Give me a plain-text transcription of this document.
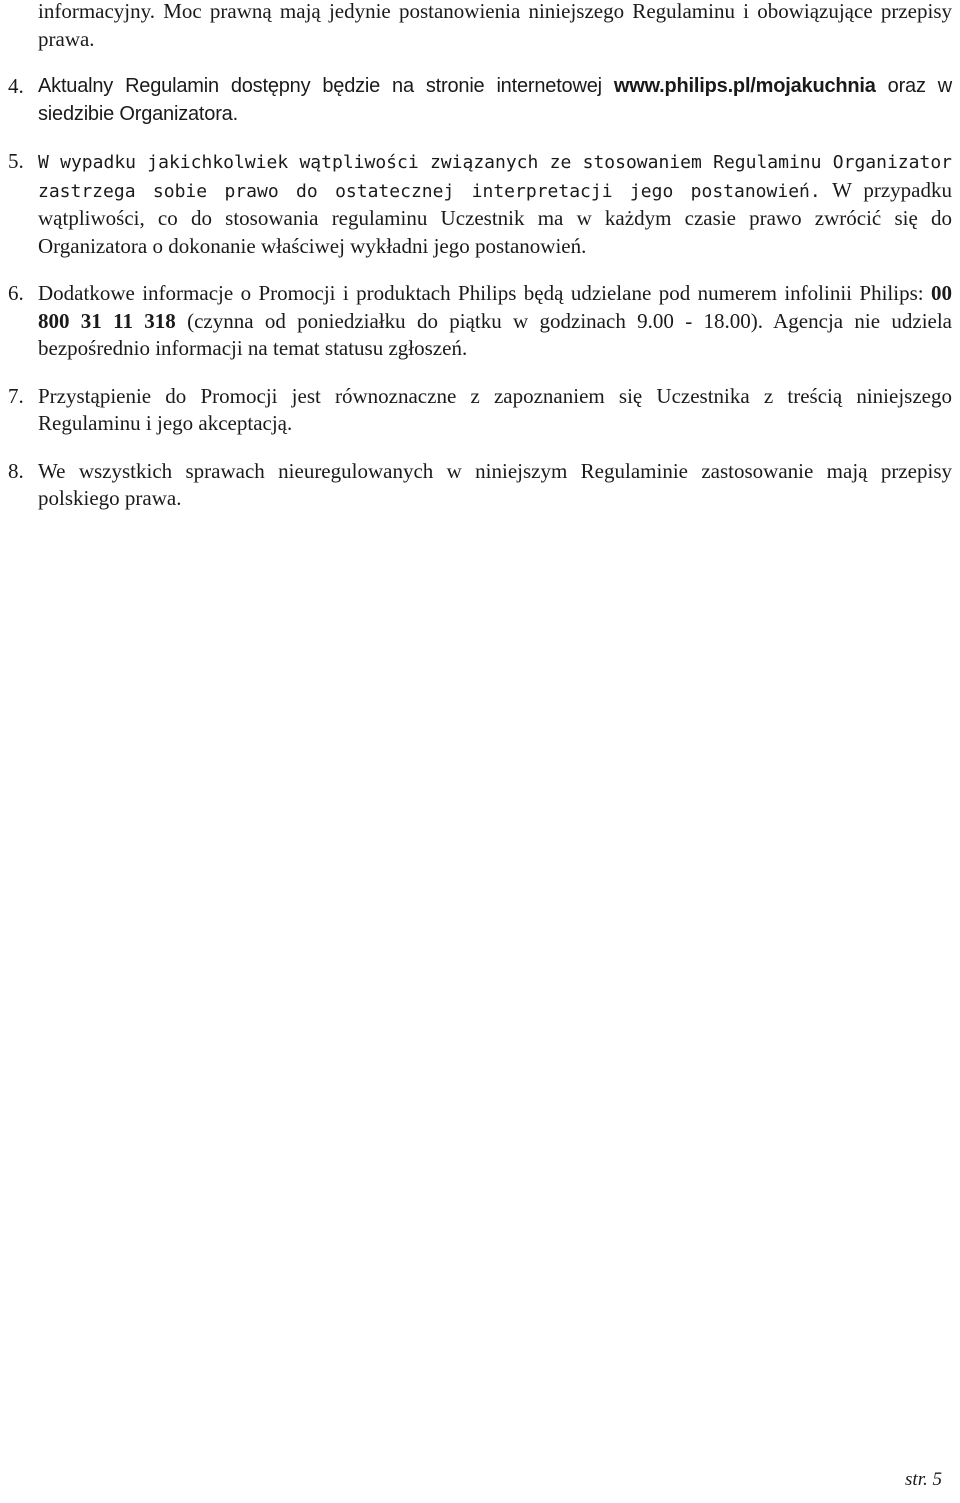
informacyjny. Moc prawną mają jedynie postanowienia niniejszego Regulaminu i obowiązujące przepisy prawa.
4. Aktualny Regulamin dostępny będzie na stronie internetowej www.philips.pl/mojakuchnia oraz w siedzibie Organizatora.
5. W wypadku jakichkolwiek wątpliwości związanych ze stosowaniem Regulaminu Organizator zastrzega sobie prawo do ostatecznej interpretacji jego postanowień. W przypadku wątpliwości, co do stosowania regulaminu Uczestnik ma w każdym czasie prawo zwrócić się do Organizatora o dokonanie właściwej wykładni jego postanowień.
6. Dodatkowe informacje o Promocji i produktach Philips będą udzielane pod numerem infolinii Philips: 00 800 31 11 318 (czynna od poniedziałku do piątku w godzinach 9.00 - 18.00). Agencja nie udziela bezpośrednio informacji na temat statusu zgłoszeń.
7. Przystąpienie do Promocji jest równoznaczne z zapoznaniem się Uczestnika z treścią niniejszego Regulaminu i jego akceptacją.
8. We wszystkich sprawach nieuregulowanych w niniejszym Regulaminie zastosowanie mają przepisy polskiego prawa.
str. 5
